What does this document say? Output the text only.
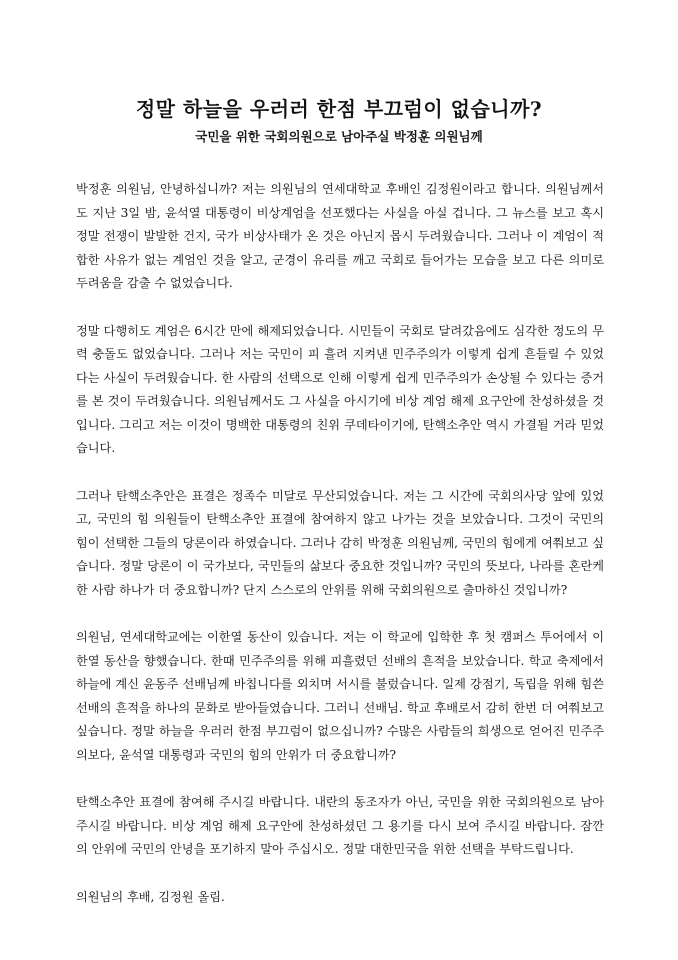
정말 하늘을 우러러 한점 부끄럼이 없습니까?
국민을 위한 국회의원으로 남아주실 박정훈 의원님께

박정훈 의원님, 안녕하십니까? 저는 의원님의 연세대학교 후배인 김정원이라고 합니다. 의원님께서도 지난 3일 밤, 윤석열 대통령이 비상계엄을 선포했다는 사실을 아실 겁니다. 그 뉴스를 보고 혹시 정말 전쟁이 발발한 건지, 국가 비상사태가 온 것은 아닌지 몹시 두려웠습니다. 그러나 이 계엄이 적합한 사유가 없는 계엄인 것을 알고, 군경이 유리를 깨고 국회로 들어가는 모습을 보고 다른 의미로 두려움을 감출 수 없었습니다.

정말 다행히도 계엄은 6시간 만에 해제되었습니다. 시민들이 국회로 달려갔음에도 심각한 정도의 무력 충돌도 없었습니다. 그러나 저는 국민이 피 흘려 지켜낸 민주주의가 이렇게 쉽게 흔들릴 수 있었다는 사실이 두려웠습니다. 한 사람의 선택으로 인해 이렇게 쉽게 민주주의가 손상될 수 있다는 증거를 본 것이 두려웠습니다. 의원님께서도 그 사실을 아시기에 비상 계엄 해제 요구안에 찬성하셨을 것입니다. 그리고 저는 이것이 명백한 대통령의 친위 쿠데타이기에, 탄핵소추안 역시 가결될 거라 믿었습니다.

그러나 탄핵소추안은 표결은 정족수 미달로 무산되었습니다. 저는 그 시간에 국회의사당 앞에 있었고, 국민의 힘 의원들이 탄핵소추안 표결에 참여하지 않고 나가는 것을 보았습니다. 그것이 국민의 힘이 선택한 그들의 당론이라 하였습니다. 그러나 감히 박정훈 의원님께, 국민의 힘에게 여쭤보고 싶습니다. 정말 당론이 이 국가보다, 국민들의 삶보다 중요한 것입니까? 국민의 뜻보다, 나라를 혼란케 한 사람 하나가 더 중요합니까? 단지 스스로의 안위를 위해 국회의원으로 출마하신 것입니까?

의원님, 연세대학교에는 이한열 동산이 있습니다. 저는 이 학교에 입학한 후 첫 캠퍼스 투어에서 이한열 동산을 향했습니다. 한때 민주주의를 위해 피흘렸던 선배의 흔적을 보았습니다. 학교 축제에서 하늘에 계신 윤동주 선배님께 바칩니다를 외치며 서시를 불렀습니다. 일제 강점기, 독립을 위해 힘쓴 선배의 흔적을 하나의 문화로 받아들였습니다. 그러니 선배님. 학교 후배로서 감히 한번 더 여쭤보고 싶습니다. 정말 하늘을 우러러 한점 부끄럼이 없으십니까? 수많은 사람들의 희생으로 얻어진 민주주의보다, 윤석열 대통령과 국민의 힘의 안위가 더 중요합니까?

탄핵소추안 표결에 참여해 주시길 바랍니다. 내란의 동조자가 아닌, 국민을 위한 국회의원으로 남아 주시길 바랍니다. 비상 계엄 해제 요구안에 찬성하셨던 그 용기를 다시 보여 주시길 바랍니다. 잠깐의 안위에 국민의 안녕을 포기하지 말아 주십시오. 정말 대한민국을 위한 선택을 부탁드립니다.

의원님의 후배, 김정원 올림.
